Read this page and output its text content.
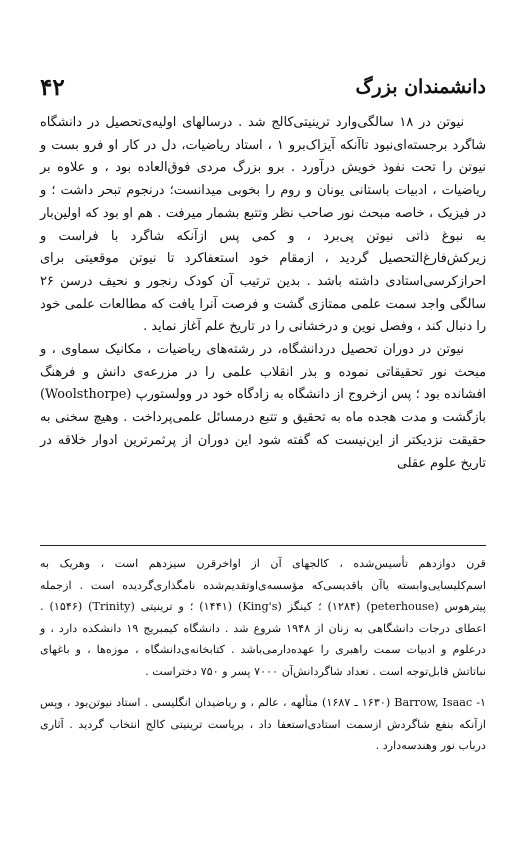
۴۲	دانشمندان بزرگ

نیوتن در ۱۸ سالگی‌وارد ترینیتی‌کالج شد . درسالهای اولیه‌ی‌تحصیل در دانشگاه شاگرد برجسته‌ای‌نبود تاآنکه آیزاک‌برو ۱ ، استاد ریاضیات، دل در کار او فرو بست و نیوتن را تحت نفوذ خویش درآورد . برو بزرگ مردی فوق‌العاده بود ، و علاوه بر ریاضیات ، ادبیات باستانی یونان و روم را بخوبی میدانست؛ درنجوم تبحر داشت ؛ و در فیزیک ، خاصه مبحث نور صاحب نظر وتتبع بشمار میرفت . هم او بود که اولین‌بار به نبوغ ذاتی نیوتن پی‌برد ، و کمی پس ازآنکه شاگرد با فراست و زیرکش‌فارغ‌التحصیل گردید ، ازمقام خود استعفاکرد تا نیوتن موقعیتی برای احرازکرسی‌استادی داشته باشد . بدین ترتیب آن کودک رنجور و نحیف درسن ۲۶ سالگی واجد سمت علمی ممتازی گشت و فرصت آنرا یافت که مطالعات علمی خود را دنبال کند ، وفصل نوین و درخشانی را در تاریخ علم آغاز نماید .

نیوتن در دوران تحصیل دردانشگاه، در رشته‌های ریاضیات ، مکانیک سماوی ، و مبحث نور تحقیقاتی نموده و بذر انقلاب علمی را در مزرعه‌ی دانش و فرهنگ افشانده بود ؛ پس ازخروج از دانشگاه به زادگاه خود در وولستورپ (Woolsthorpe) بازگشت و مدت هجده ماه به تحقیق و تتبع درمسائل علمی‌پرداخت . وهیچ سخنی به حقیقت نزدیکتر از این‌نیست که گفته شود این دوران از پرثمرترین ادوار خلاقه در تاریخ علوم عقلی

قرن دوازدهم تأسیس‌شده ، کالجهای آن از اواخرقرن سیزدهم است ، وهریک به اسم‌کلیسایی‌وابسته یاآن باقدیسی‌که مؤسسه‌ی‌او‌تقدیم‌شده نامگذاری‌گردیده است . ازجمله پیترهوس (peterhouse) (۱۲۸۴) ؛ کینگز (King's) (۱۴۴۱) ؛ و ترینیتی (Trinity) (۱۵۴۶) . اعطای درجات دانشگاهی به زنان از ۱۹۴۸ شروع شد . دانشگاه کیمبریج ۱۹ دانشکده دارد ، و درعلوم و ادبیات سمت راهبری را عهده‌دارمی‌باشد . کتابخانه‌ی‌دانشگاه ، موزه‌ها ، و باغهای نباتاتش قابل‌توجه است . تعداد شاگردانش‌آن ۷۰۰۰ پسر و ۷۵۰ دختراست .

۱- Barrow, Isaac (۱۶۳۰ ـ ۱۶۸۷) متألهه ، عالم ، و ریاضیدان انگلیسی . استاد نیوتن‌بود ، وپس ازآنکه بنفع شاگردش ازسمت استادی‌استعفا داد ، بریاست ترینیتی کالج انتخاب گردید . آثاری درباب نور وهندسه‌دارد .
